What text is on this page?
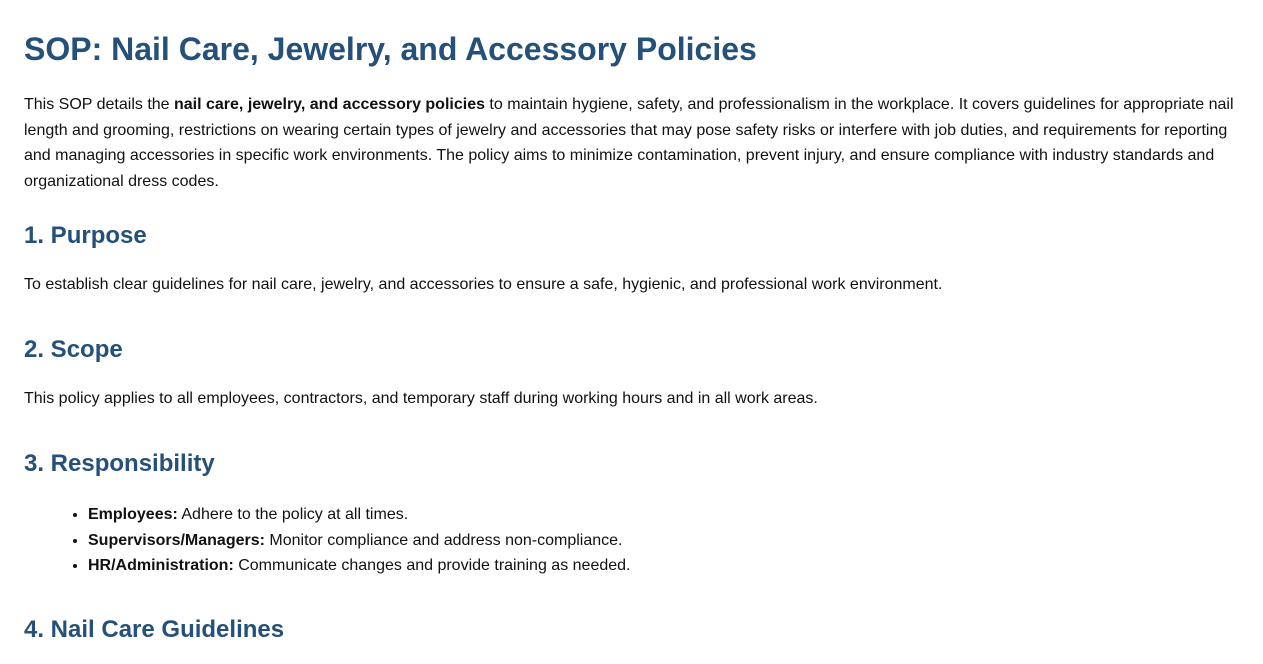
SOP: Nail Care, Jewelry, and Accessory Policies

This SOP details the nail care, jewelry, and accessory policies to maintain hygiene, safety, and professionalism in the workplace. It covers guidelines for appropriate nail length and grooming, restrictions on wearing certain types of jewelry and accessories that may pose safety risks or interfere with job duties, and requirements for reporting and managing accessories in specific work environments. The policy aims to minimize contamination, prevent injury, and ensure compliance with industry standards and organizational dress codes.

1. Purpose

To establish clear guidelines for nail care, jewelry, and accessories to ensure a safe, hygienic, and professional work environment.

2. Scope

This policy applies to all employees, contractors, and temporary staff during working hours and in all work areas.

3. Responsibility
• Employees: Adhere to the policy at all times.
• Supervisors/Managers: Monitor compliance and address non-compliance.
• HR/Administration: Communicate changes and provide training as needed.
4. Nail Care Guidelines
